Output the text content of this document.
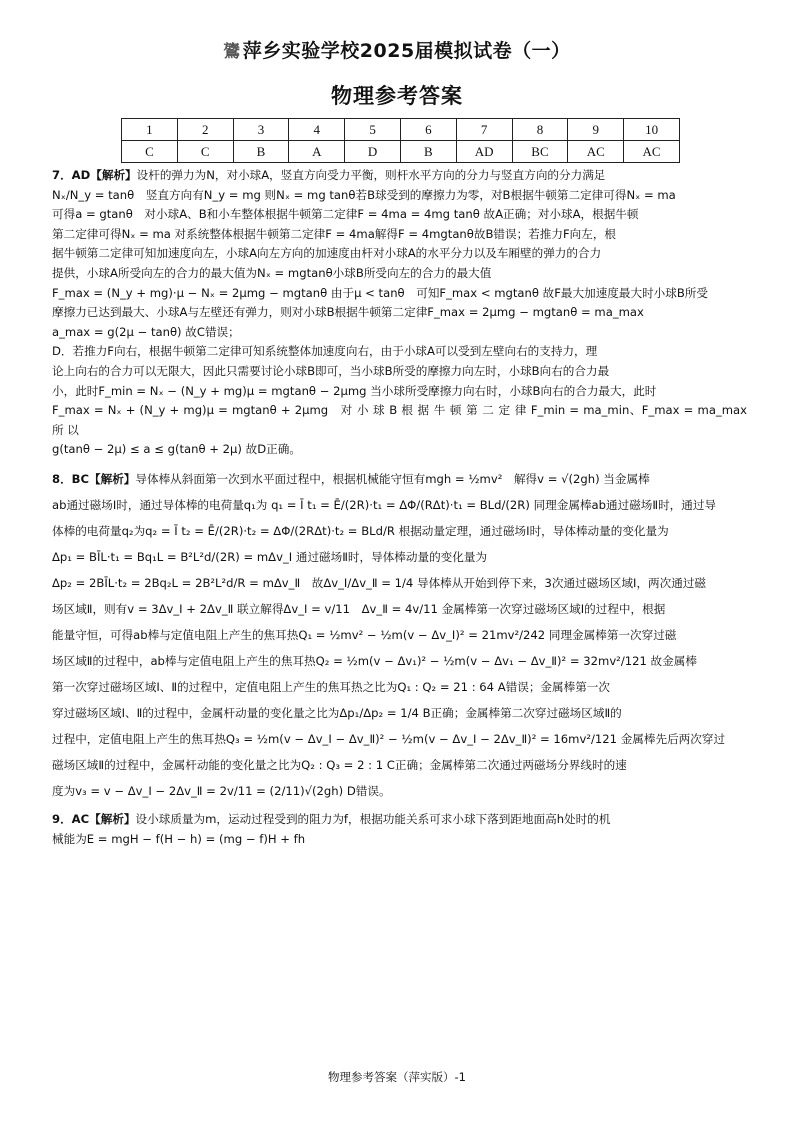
鷟 萍乡实验学校2025届模拟试卷（一）
物理参考答案
1	2	3	4	5	6	7	8	9	10
C	C	B	A	D	B	AD	BC	AC	AC

7．AD【解析】设杆的弹力为N，对小球A，竖直方向受力平衡，则杆水平方向的分力与竖直方向的分力满足

Nₓ/N_y = tanθ　竖直方向有N_y = mg 则Nₓ = mg tanθ若B球受到的摩擦力为零，对B根据牛顿第二定律可得Nₓ = ma

可得a = gtanθ　对小球A、B和小车整体根据牛顿第二定律F = 4ma = 4mg tanθ 故A正确；对小球A，根据牛顿

第二定律可得Nₓ = ma 对系统整体根据牛顿第二定律F = 4ma解得F = 4mgtanθ故B错误；若推力F向左，根

据牛顿第二定律可知加速度向左，小球A向左方向的加速度由杆对小球A的水平分力以及车厢壁的弹力的合力

提供，小球A所受向左的合力的最大值为Nₓ = mgtanθ小球B所受向左的合力的最大值

F_max = (N_y + mg)·μ − Nₓ = 2μmg − mgtanθ 由于μ < tanθ　可知F_max < mgtanθ 故F最大加速度最大时小球B所受

摩擦力已达到最大、小球A与左壁还有弹力，则对小球B根据牛顿第二定律F_max = 2μmg − mgtanθ = ma_max

a_max = g(2μ − tanθ) 故C错误；

D．若推力F向右，根据牛顿第二定律可知系统整体加速度向右，由于小球A可以受到左壁向右的支持力，理

论上向右的合力可以无限大，因此只需要讨论小球B即可，当小球B所受的摩擦力向左时，小球B向右的合力最

小，此时F_min = Nₓ − (N_y + mg)μ = mgtanθ − 2μmg 当小球所受摩擦力向右时，小球B向右的合力最大，此时

F_max = Nₓ + (N_y + mg)μ = mgtanθ + 2μmg　对 小 球 B 根 据 牛 顿 第 二 定 律 F_min = ma_min、F_max = ma_max　所 以

g(tanθ − 2μ) ≤ a ≤ g(tanθ + 2μ) 故D正确。

8．BC【解析】导体棒从斜面第一次到水平面过程中，根据机械能守恒有mgh = ½mv²　解得v = √(2gh) 当金属棒

ab通过磁场Ⅰ时，通过导体棒的电荷量q₁为 q₁ = Ī t₁ = Ē/(2R)·t₁ = ΔΦ/(RΔt)·t₁ = BLd/(2R) 同理金属棒ab通过磁场Ⅱ时，通过导

体棒的电荷量q₂为q₂ = Ī t₂ = Ē/(2R)·t₂ = ΔΦ/(2RΔt)·t₂ = BLd/R 根据动量定理，通过磁场Ⅰ时，导体棒动量的变化量为

Δp₁ = BĪL·t₁ = Bq₁L = B²L²d/(2R) = mΔv_Ⅰ 通过磁场Ⅱ时，导体棒动量的变化量为

Δp₂ = 2BĪL·t₂ = 2Bq₂L = 2B²L²d/R = mΔv_Ⅱ　故Δv_Ⅰ/Δv_Ⅱ = 1/4 导体棒从开始到停下来，3次通过磁场区域Ⅰ，两次通过磁

场区域Ⅱ，则有v = 3Δv_Ⅰ + 2Δv_Ⅱ 联立解得Δv_Ⅰ = v/11　Δv_Ⅱ = 4v/11 金属棒第一次穿过磁场区域Ⅰ的过程中，根据

能量守恒，可得ab棒与定值电阻上产生的焦耳热Q₁ = ½mv² − ½m(v − Δv_Ⅰ)² = 21mv²/242 同理金属棒第一次穿过磁

场区域Ⅱ的过程中，ab棒与定值电阻上产生的焦耳热Q₂ = ½m(v − Δv₁)² − ½m(v − Δv₁ − Δv_Ⅱ)² = 32mv²/121 故金属棒

第一次穿过磁场区域Ⅰ、Ⅱ的过程中，定值电阻上产生的焦耳热之比为Q₁ : Q₂ = 21 : 64 A错误；金属棒第一次

穿过磁场区域Ⅰ、Ⅱ的过程中，金属杆动量的变化量之比为Δp₁/Δp₂ = 1/4 B正确；金属棒第二次穿过磁场区域Ⅱ的

过程中，定值电阻上产生的焦耳热Q₃ = ½m(v − Δv_Ⅰ − Δv_Ⅱ)² − ½m(v − Δv_Ⅰ − 2Δv_Ⅱ)² = 16mv²/121 金属棒先后两次穿过

磁场区域Ⅱ的过程中，金属杆动能的变化量之比为Q₂ : Q₃ = 2 : 1 C正确；金属棒第二次通过两磁场分界线时的速

度为v₃ = v − Δv_Ⅰ − 2Δv_Ⅱ = 2v/11 = (2/11)√(2gh) D错误。

9．AC【解析】设小球质量为m，运动过程受到的阻力为f，根据功能关系可求小球下落到距地面高h处时的机

械能为E = mgH − f(H − h) = (mg − f)H + fh

物理参考答案（萍实版）-1
